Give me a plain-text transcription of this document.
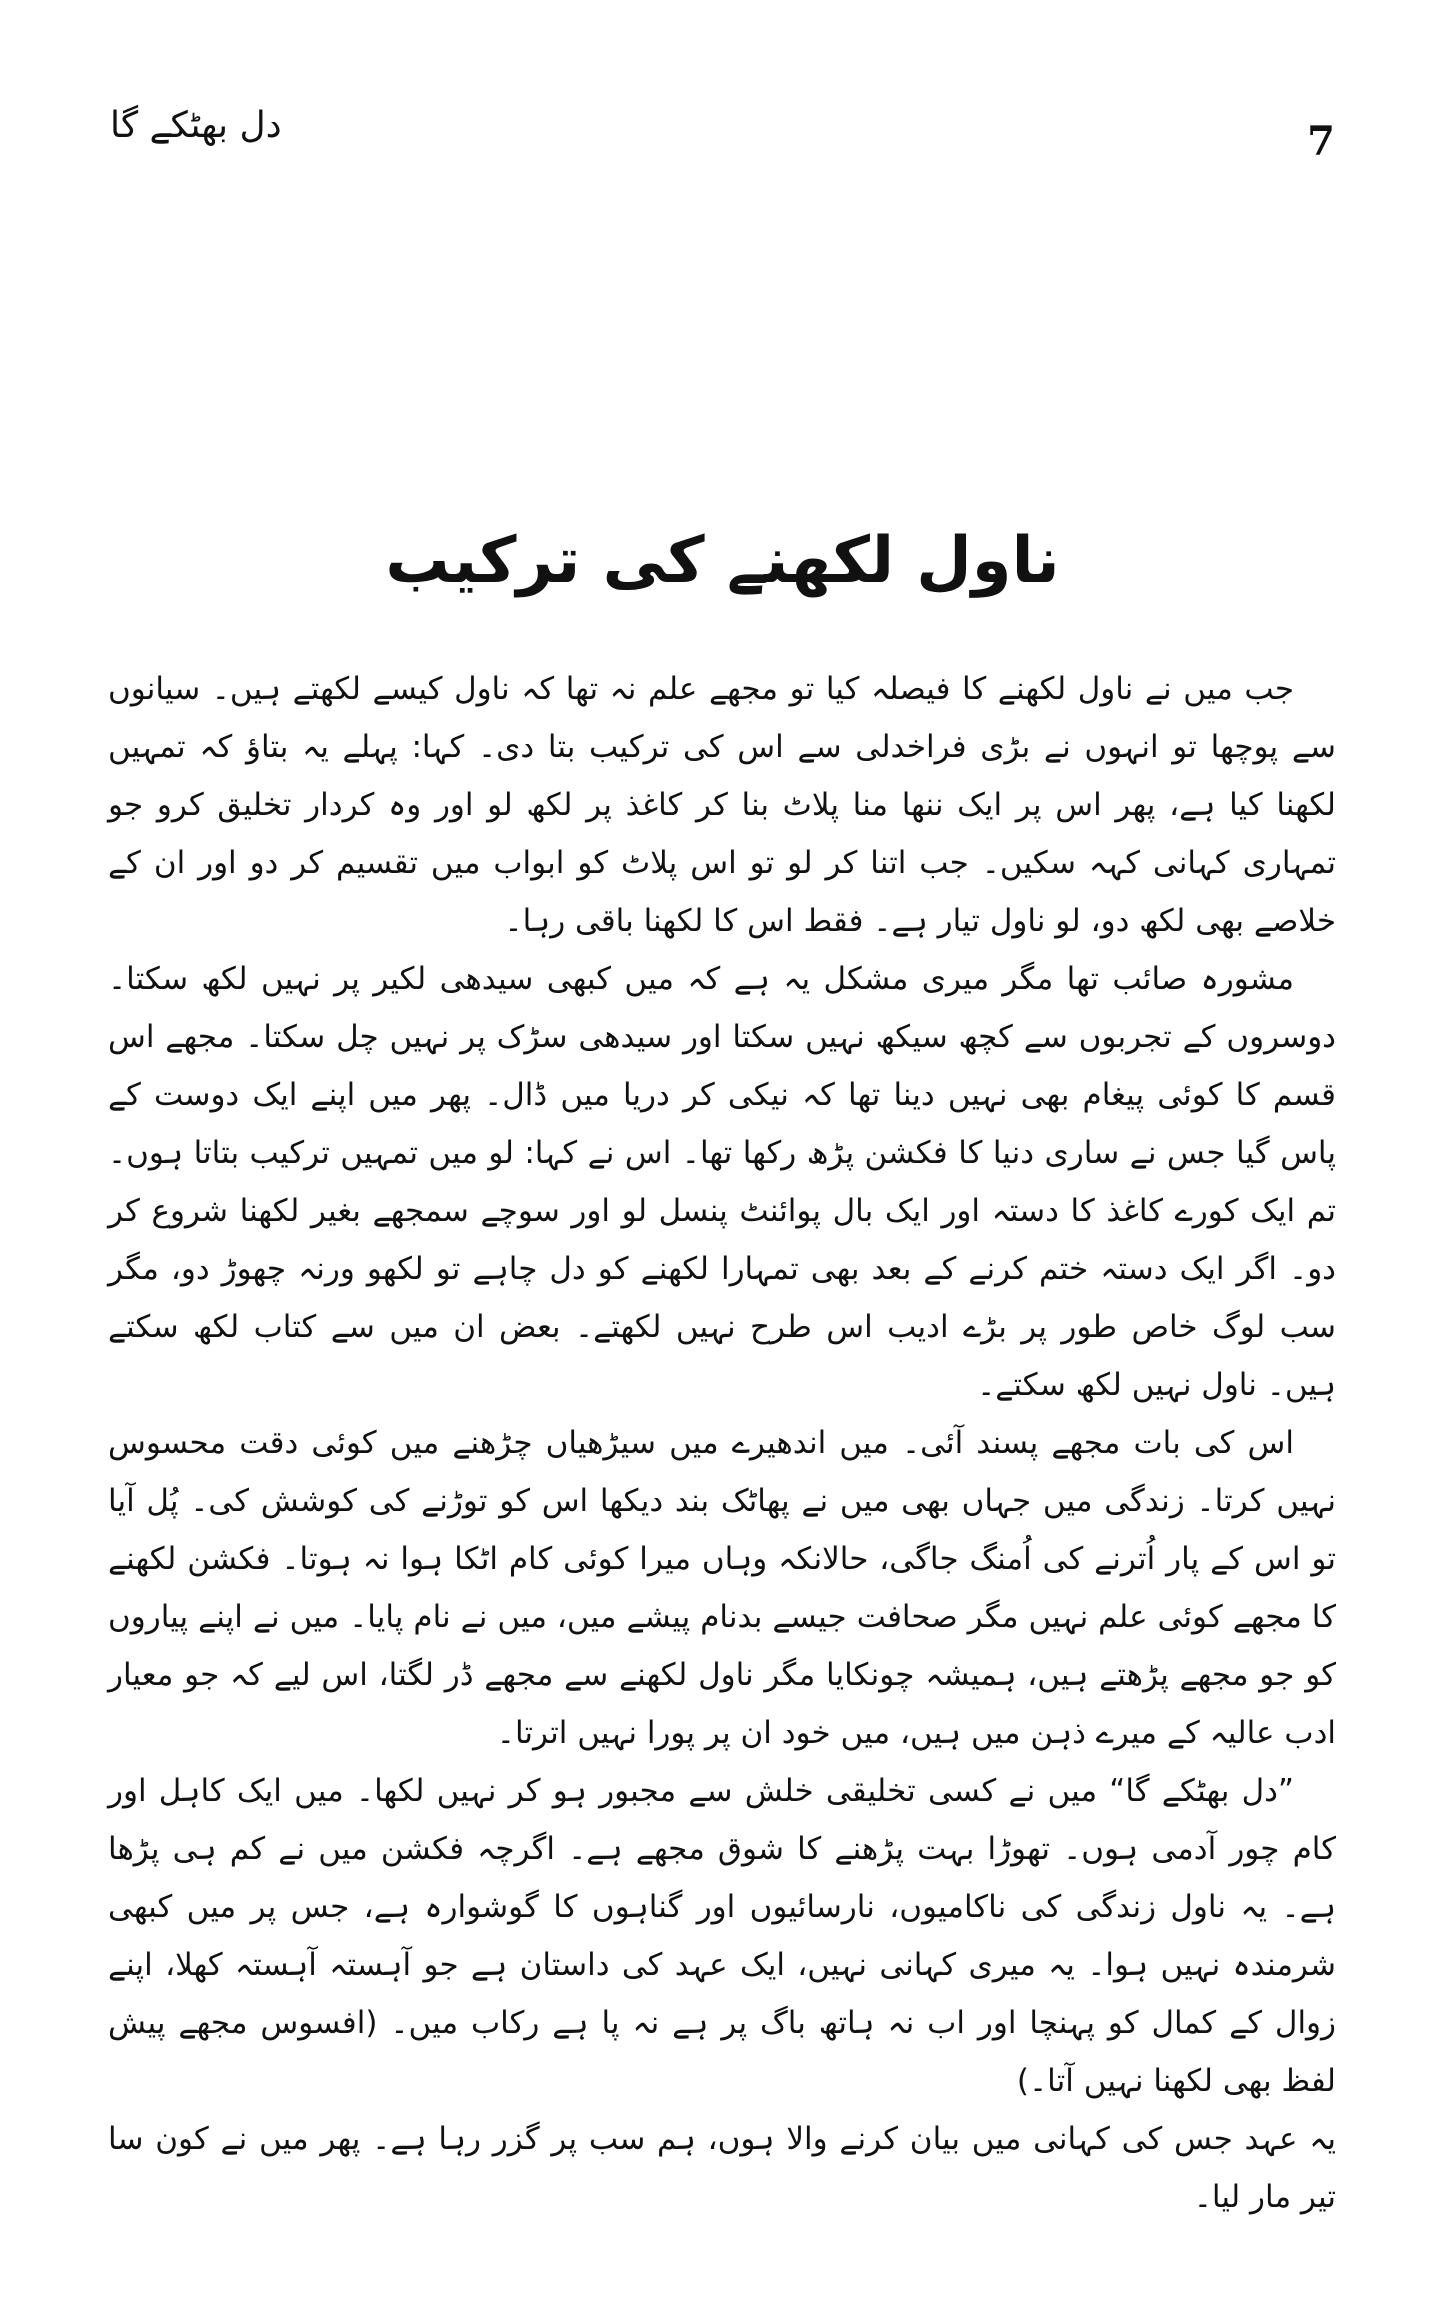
دل بھٹکے گا	7
ناول لکھنے کی ترکیب

جب میں نے ناول لکھنے کا فیصلہ کیا تو مجھے علم نہ تھا کہ ناول کیسے لکھتے ہیں۔ سیانوں سے پوچھا تو انہوں نے بڑی فراخدلی سے اس کی ترکیب بتا دی۔ کہا: پہلے یہ بتاؤ کہ تمہیں لکھنا کیا ہے، پھر اس پر ایک ننھا منا پلاٹ بنا کر کاغذ پر لکھ لو اور وہ کردار تخلیق کرو جو تمہاری کہانی کہہ سکیں۔ جب اتنا کر لو تو اس پلاٹ کو ابواب میں تقسیم کر دو اور ان کے خلاصے بھی لکھ دو، لو ناول تیار ہے۔ فقط اس کا لکھنا باقی رہا۔

مشورہ صائب تھا مگر میری مشکل یہ ہے کہ میں کبھی سیدھی لکیر پر نہیں لکھ سکتا۔ دوسروں کے تجربوں سے کچھ سیکھ نہیں سکتا اور سیدھی سڑک پر نہیں چل سکتا۔ مجھے اس قسم کا کوئی پیغام بھی نہیں دینا تھا کہ نیکی کر دریا میں ڈال۔ پھر میں اپنے ایک دوست کے پاس گیا جس نے ساری دنیا کا فکشن پڑھ رکھا تھا۔ اس نے کہا: لو میں تمہیں ترکیب بتاتا ہوں۔ تم ایک کورے کاغذ کا دستہ اور ایک بال پوائنٹ پنسل لو اور سوچے سمجھے بغیر لکھنا شروع کر دو۔ اگر ایک دستہ ختم کرنے کے بعد بھی تمہارا لکھنے کو دل چاہے تو لکھو ورنہ چھوڑ دو، مگر سب لوگ خاص طور پر بڑے ادیب اس طرح نہیں لکھتے۔ بعض ان میں سے کتاب لکھ سکتے ہیں۔ ناول نہیں لکھ سکتے۔

اس کی بات مجھے پسند آئی۔ میں اندھیرے میں سیڑھیاں چڑھنے میں کوئی دقت محسوس نہیں کرتا۔ زندگی میں جہاں بھی میں نے پھاٹک بند دیکھا اس کو توڑنے کی کوشش کی۔ پُل آیا تو اس کے پار اُترنے کی اُمنگ جاگی، حالانکہ وہاں میرا کوئی کام اٹکا ہوا نہ ہوتا۔ فکشن لکھنے کا مجھے کوئی علم نہیں مگر صحافت جیسے بدنام پیشے میں، میں نے نام پایا۔ میں نے اپنے پیاروں کو جو مجھے پڑھتے ہیں، ہمیشہ چونکایا مگر ناول لکھنے سے مجھے ڈر لگتا، اس لیے کہ جو معیار ادب عالیہ کے میرے ذہن میں ہیں، میں خود ان پر پورا نہیں اترتا۔

”دل بھٹکے گا“ میں نے کسی تخلیقی خلش سے مجبور ہو کر نہیں لکھا۔ میں ایک کاہل اور کام چور آدمی ہوں۔ تھوڑا بہت پڑھنے کا شوق مجھے ہے۔ اگرچہ فکشن میں نے کم ہی پڑھا ہے۔ یہ ناول زندگی کی ناکامیوں، نارسائیوں اور گناہوں کا گوشوارہ ہے، جس پر میں کبھی شرمندہ نہیں ہوا۔ یہ میری کہانی نہیں، ایک عہد کی داستان ہے جو آہستہ آہستہ کھلا، اپنے زوال کے کمال کو پہنچا اور اب نہ ہاتھ باگ پر ہے نہ پا ہے رکاب میں۔ (افسوس مجھے پیش لفظ بھی لکھنا نہیں آتا۔)

یہ عہد جس کی کہانی میں بیان کرنے والا ہوں، ہم سب پر گزر رہا ہے۔ پھر میں نے کون سا تیر مار لیا۔
